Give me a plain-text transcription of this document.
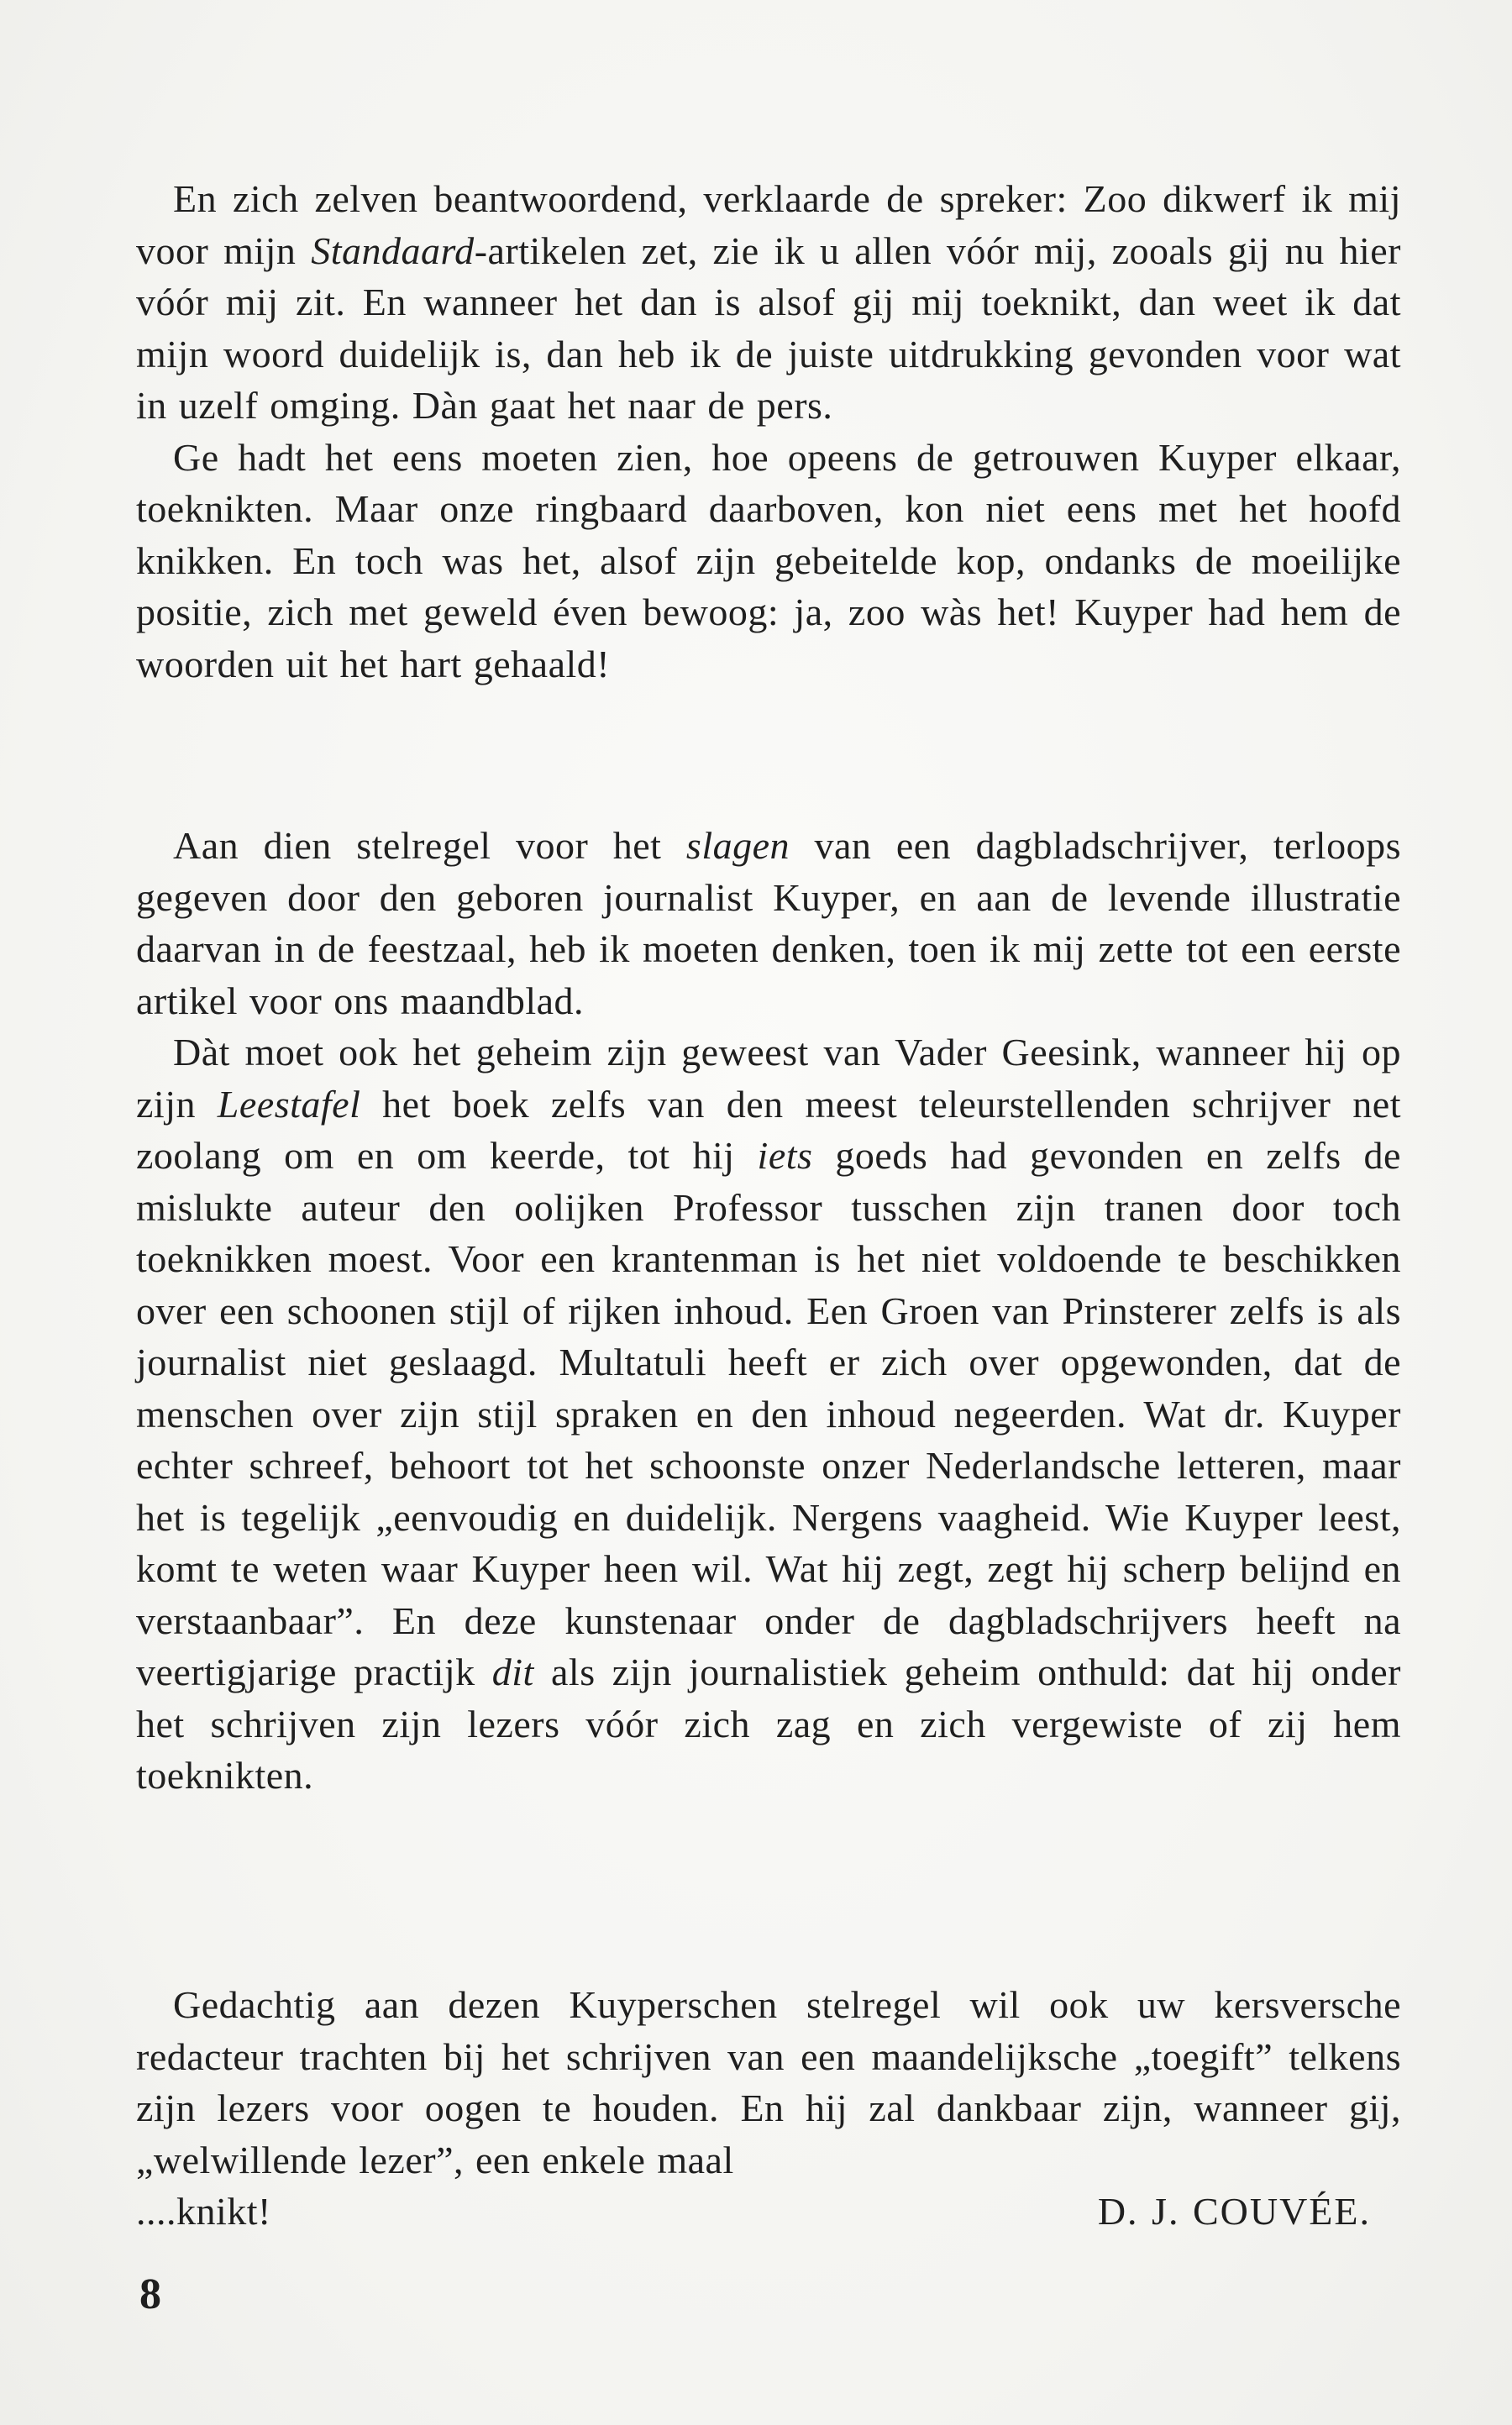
En zich zelven beantwoordend, verklaarde de spreker: Zoo dikwerf ik mij voor mijn Standaard-artikelen zet, zie ik u allen vóór mij, zooals gij nu hier vóór mij zit. En wanneer het dan is alsof gij mij toeknikt, dan weet ik dat mijn woord duidelijk is, dan heb ik de juiste uitdrukking gevonden voor wat in uzelf omging. Dàn gaat het naar de pers.

Ge hadt het eens moeten zien, hoe opeens de getrouwen Kuyper elkaar, toeknikten. Maar onze ringbaard daarboven, kon niet eens met het hoofd knikken. En toch was het, alsof zijn gebeitelde kop, ondanks de moeilijke positie, zich met geweld éven bewoog: ja, zoo wàs het! Kuyper had hem de woorden uit het hart gehaald!

Aan dien stelregel voor het slagen van een dagbladschrijver, terloops gegeven door den geboren journalist Kuyper, en aan de levende illustratie daarvan in de feestzaal, heb ik moeten denken, toen ik mij zette tot een eerste artikel voor ons maandblad.

Dàt moet ook het geheim zijn geweest van Vader Geesink, wanneer hij op zijn Leestafel het boek zelfs van den meest teleurstellenden schrijver net zoolang om en om keerde, tot hij iets goeds had gevonden en zelfs de mislukte auteur den oolijken Professor tusschen zijn tranen door toch toeknikken moest. Voor een krantenman is het niet voldoende te beschikken over een schoonen stijl of rijken inhoud. Een Groen van Prinsterer zelfs is als journalist niet geslaagd. Multatuli heeft er zich over opgewonden, dat de menschen over zijn stijl spraken en den inhoud negeerden. Wat dr. Kuyper echter schreef, behoort tot het schoonste onzer Nederlandsche letteren, maar het is tegelijk „eenvoudig en duidelijk. Nergens vaagheid. Wie Kuyper leest, komt te weten waar Kuyper heen wil. Wat hij zegt, zegt hij scherp belijnd en verstaanbaar”. En deze kunstenaar onder de dagbladschrijvers heeft na veertigjarige practijk dit als zijn journalistiek geheim onthuld: dat hij onder het schrijven zijn lezers vóór zich zag en zich vergewiste of zij hem toeknikten.

Gedachtig aan dezen Kuyperschen stelregel wil ook uw kersversche redacteur trachten bij het schrijven van een maandelijksche „toegift” telkens zijn lezers voor oogen te houden. En hij zal dankbaar zijn, wanneer gij, „welwillende lezer”, een enkele maal

....knikt!	D. J. COUVÉE.

8
